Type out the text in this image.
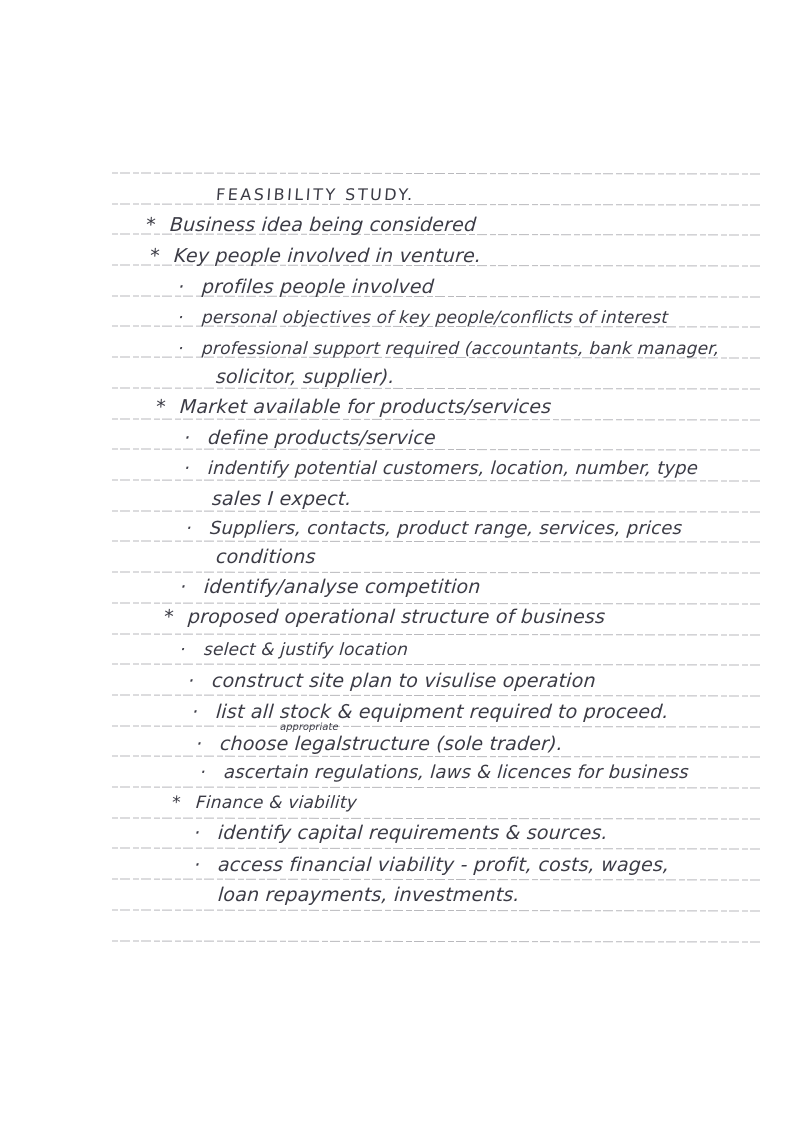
FEASIBILITY STUDY.
* Business idea being considered
* Key people involved in venture.
· profiles people involved
· personal objectives of key people/conflicts of interest
· professional support required (accountants, bank manager,
solicitor, supplier).
* Market available for products/services
· define products/service
· indentify potential customers, location, number, type
sales I expect.
· Suppliers, contacts, product range, services, prices
conditions
· identify/analyse competition
* proposed operational structure of business
· select & justify location
· construct site plan to visulise operation
· list all stock & equipment required to proceed.
appropriate
· choose legalstructure (sole trader).
· ascertain regulations, laws & licences for business
* Finance & viability
· identify capital requirements & sources.
· access financial viability - profit, costs, wages,
loan repayments, investments.
